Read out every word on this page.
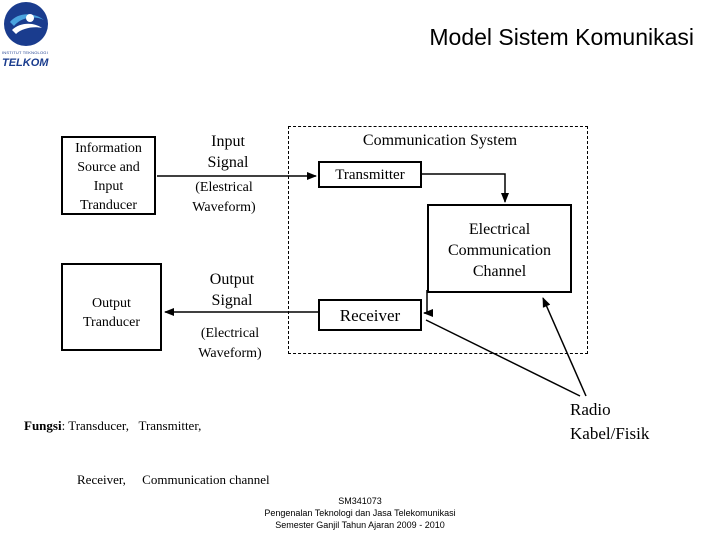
INSTITUT TEKNOLOGI
TELKOM
Model Sistem Komunikasi
Information
Source and
Input
Tranducer
Output
Tranducer
Input
Signal
(Elestrical
Waveform)
Output
Signal
(Electrical
Waveform)
Communication System
Transmitter
Electrical
Communication
Channel
Receiver
Radio
Kabel/Fisik

Fungsi: Transducer,   Transmitter,

Receiver,     Communication channel

SM341073
Pengenalan Teknologi dan Jasa Telekomunikasi
Semester Ganjil Tahun Ajaran 2009 - 2010
